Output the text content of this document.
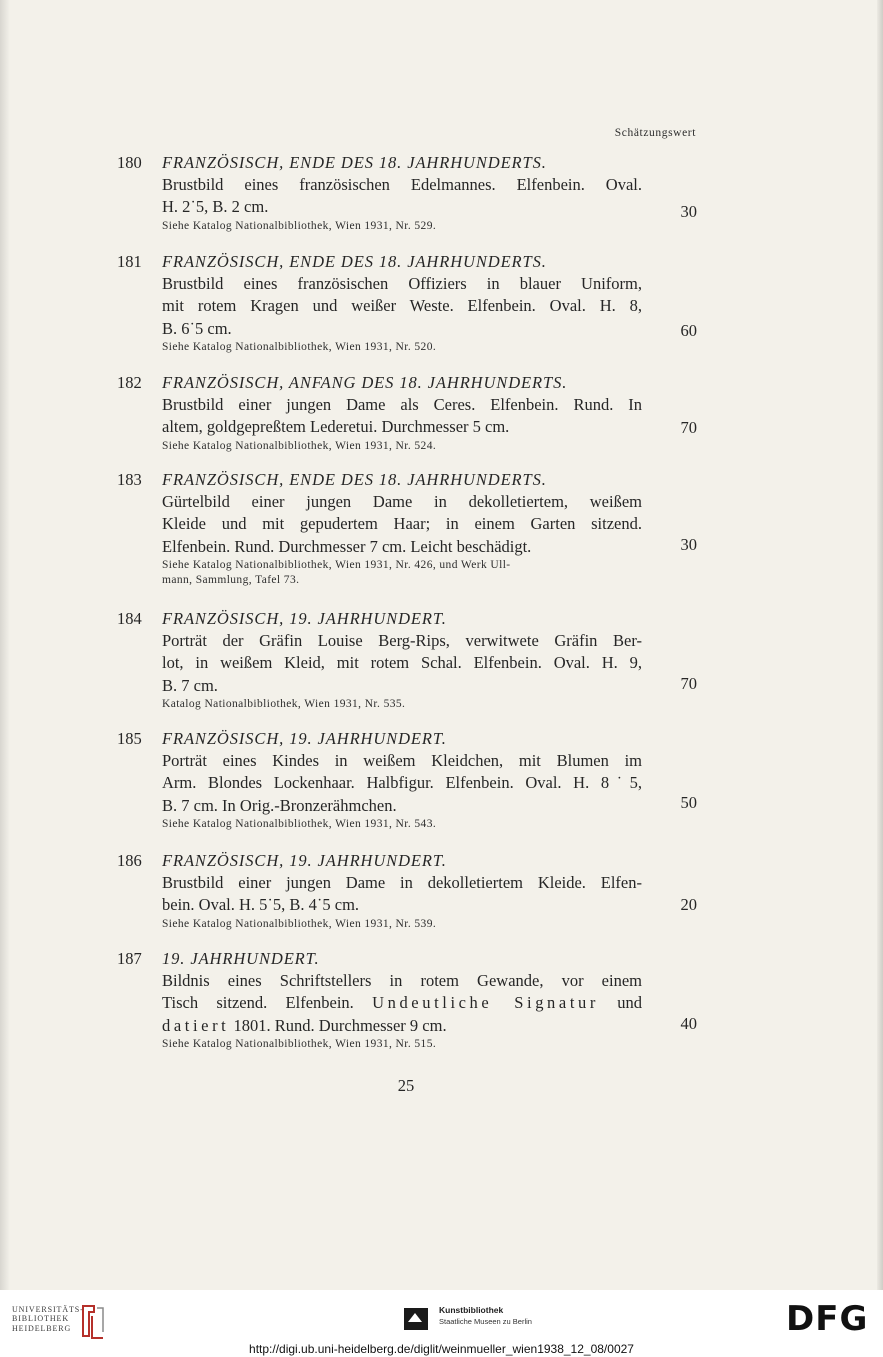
Schätzungswert
180 FRANZÖSISCH, ENDE DES 18. JAHRHUNDERTS.
Brustbild eines französischen Edelmannes. Elfenbein. Oval.
H. 2˙5, B. 2 cm.
Siehe Katalog Nationalbibliothek, Wien 1931, Nr. 529.
30
181 FRANZÖSISCH, ENDE DES 18. JAHRHUNDERTS.
Brustbild eines französischen Offiziers in blauer Uniform,
mit rotem Kragen und weißer Weste. Elfenbein. Oval. H. 8,
B. 6˙5 cm.
Siehe Katalog Nationalbibliothek, Wien 1931, Nr. 520.
60
182 FRANZÖSISCH, ANFANG DES 18. JAHRHUNDERTS.
Brustbild einer jungen Dame als Ceres. Elfenbein. Rund. In
altem, goldgepreßtem Lederetui. Durchmesser 5 cm.
Siehe Katalog Nationalbibliothek, Wien 1931, Nr. 524.
70
183 FRANZÖSISCH, ENDE DES 18. JAHRHUNDERTS.
Gürtelbild einer jungen Dame in dekolletiertem, weißem
Kleide und mit gepudertem Haar; in einem Garten sitzend.
Elfenbein. Rund. Durchmesser 7 cm. Leicht beschädigt.
Siehe Katalog Nationalbibliothek, Wien 1931, Nr. 426, und Werk Ull-
mann, Sammlung, Tafel 73.
30
184 FRANZÖSISCH, 19. JAHRHUNDERT.
Porträt der Gräfin Louise Berg-Rips, verwitwete Gräfin Ber-
lot, in weißem Kleid, mit rotem Schal. Elfenbein. Oval. H. 9,
B. 7 cm.
Katalog Nationalbibliothek, Wien 1931, Nr. 535.
70
185 FRANZÖSISCH, 19. JAHRHUNDERT.
Porträt eines Kindes in weißem Kleidchen, mit Blumen im
Arm. Blondes Lockenhaar. Halbfigur. Elfenbein. Oval. H. 8˙5,
B. 7 cm. In Orig.-Bronzerähmchen.
Siehe Katalog Nationalbibliothek, Wien 1931, Nr. 543.
50
186 FRANZÖSISCH, 19. JAHRHUNDERT.
Brustbild einer jungen Dame in dekolletiertem Kleide. Elfen-
bein. Oval. H. 5˙5, B. 4˙5 cm.
Siehe Katalog Nationalbibliothek, Wien 1931, Nr. 539.
20
187 19. JAHRHUNDERT.
Bildnis eines Schriftstellers in rotem Gewande, vor einem
Tisch sitzend. Elfenbein. Undeutliche Signatur und
datiert 1801. Rund. Durchmesser 9 cm.
Siehe Katalog Nationalbibliothek, Wien 1931, Nr. 515.
40
25
UNIVERSITÄTS-
BIBLIOTHEK
HEIDELBERG
Kunstbibliothek
Staatliche Museen zu Berlin	DFG
http://digi.ub.uni-heidelberg.de/diglit/weinmueller_wien1938_12_08/0027
